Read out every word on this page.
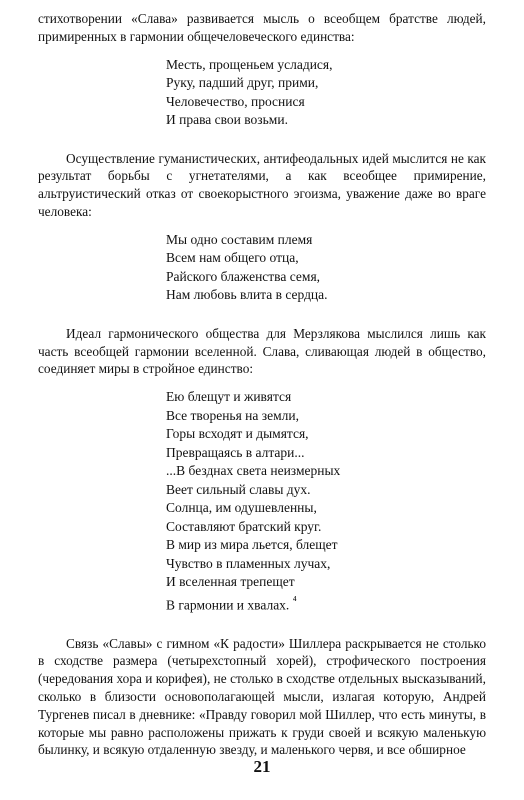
стихотворении «Слава» развивается мысль о всеобщем братстве людей, примиренных в гармонии общечеловеческого единства:

Месть, прощеньем усладися,
Руку, падший друг, прими,
Человечество, проснися
И права свои возьми.

Осуществление гуманистических, антифеодальных идей мыслится не как результат борьбы с угнетателями, а как всеобщее примирение, альтруистический отказ от своекорыстного эгоизма, уважение даже во враге человека:

Мы одно составим племя
Всем нам общего отца,
Райского блаженства семя,
Нам любовь влита в сердца.

Идеал гармонического общества для Мерзлякова мыслился лишь как часть всеобщей гармонии вселенной. Слава, сливающая людей в общество, соединяет миры в стройное единство:

Ею блещут и живятся
Все творенья на земли,
Горы всходят и дымятся,
Превращаясь в алтари...
...В безднах света неизмерных
Веет сильный славы дух.
Солнца, им одушевленны,
Составляют братский круг.
В мир из мира льется, блещет
Чувство в пламенных лучах,
И вселенная трепещет
В гармонии и хвалах. $^{^4}$

Связь «Славы» с гимном «К радости» Шиллера раскрывается не столько в сходстве размера (четырехстопный хорей), строфического построения (чередования хора и корифея), не столько в сходстве отдельных высказываний, сколько в близости основополагающей мысли, излагая которую, Андрей Тургенев писал в дневнике: «Правду говорил мой Шиллер, что есть минуты, в которые мы равно расположены прижать к груди своей и всякую маленькую былинку, и всякую отдаленную звезду, и маленького червя, и все обширное

21
